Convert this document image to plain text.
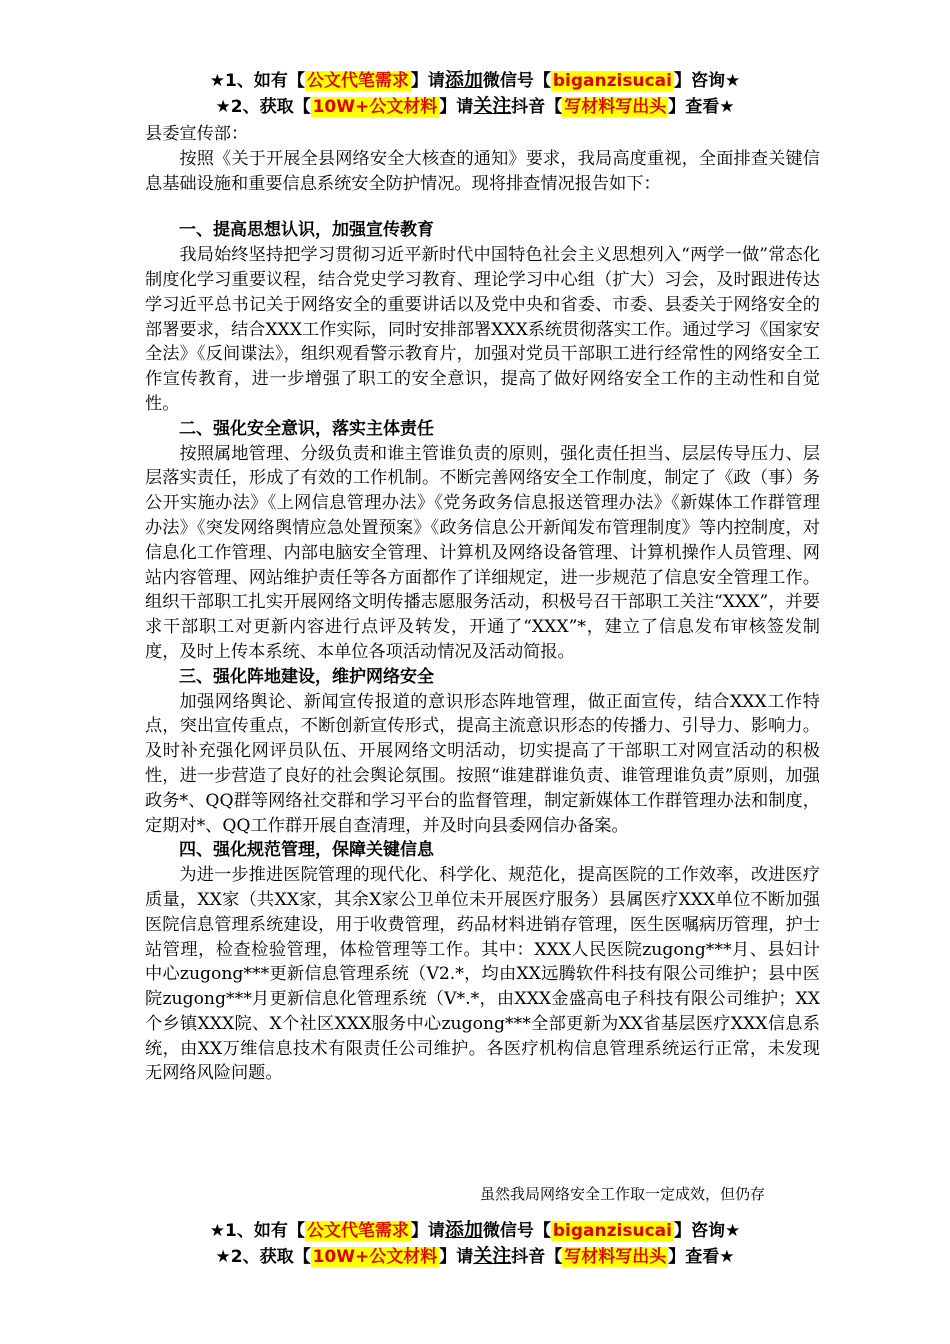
★1、如有【 公文代笔需求 】请添加微信号【 biganzisucai 】咨询★
★2、获取【 10W+公文材料 】请关注抖音【 写材料写出头 】查看★

县委宣传部：

按照《关于开展全县网络安全大核查的通知》要求，我局高度重视，全面排查关键信息基础设施和重要信息系统安全防护情况。现将排查情况报告如下：

一、提高思想认识，加强宣传教育

我局始终坚持把学习贯彻习近平新时代中国特色社会主义思想列入“两学一做”常态化制度化学习重要议程，结合党史学习教育、理论学习中心组（扩大）习会，及时跟进传达学习近平总书记关于网络安全的重要讲话以及党中央和省委、市委、县委关于网络安全的部署要求，结合XXX工作实际，同时安排部署XXX系统贯彻落实工作。通过学习《国家安全法》《反间谍法》，组织观看警示教育片，加强对党员干部职工进行经常性的网络安全工作宣传教育，进一步增强了职工的安全意识，提高了做好网络安全工作的主动性和自觉性。

二、强化安全意识，落实主体责任

按照属地管理、分级负责和谁主管谁负责的原则，强化责任担当、层层传导压力、层层落实责任，形成了有效的工作机制。不断完善网络安全工作制度，制定了《政（事）务公开实施办法》《上网信息管理办法》《党务政务信息报送管理办法》《新媒体工作群管理办法》《突发网络舆情应急处置预案》《政务信息公开新闻发布管理制度》等内控制度，对信息化工作管理、内部电脑安全管理、计算机及网络设备管理、计算机操作人员管理、网站内容管理、网站维护责任等各方面都作了详细规定，进一步规范了信息安全管理工作。组织干部职工扎实开展网络文明传播志愿服务活动，积极号召干部职工关注“XXX”，并要求干部职工对更新内容进行点评及转发，开通了“XXX”*，建立了信息发布审核签发制度，及时上传本系统、本单位各项活动情况及活动简报。

三、强化阵地建设，维护网络安全

加强网络舆论、新闻宣传报道的意识形态阵地管理，做正面宣传，结合XXX工作特点，突出宣传重点，不断创新宣传形式，提高主流意识形态的传播力、引导力、影响力。及时补充强化网评员队伍、开展网络文明活动，切实提高了干部职工对网宣活动的积极性，进一步营造了良好的社会舆论氛围。按照“谁建群谁负责、谁管理谁负责”原则，加强政务*、QQ群等网络社交群和学习平台的监督管理，制定新媒体工作群管理办法和制度，定期对*、QQ工作群开展自查清理，并及时向县委网信办备案。

四、强化规范管理，保障关键信息

为进一步推进医院管理的现代化、科学化、规范化，提高医院的工作效率，改进医疗质量，XX家（共XX家，其余X家公卫单位未开展医疗服务）县属医疗XXX单位不断加强医院信息管理系统建设，用于收费管理，药品材料进销存管理，医生医嘱病历管理，护士站管理，检查检验管理，体检管理等工作。其中：XXX人民医院zugong***月、县妇计中心zugong***更新信息管理系统（V2.*，均由XX远腾软件科技有限公司维护；县中医院zugong***月更新信息化管理系统（V*.*，由XXX金盛高电子科技有限公司维护；XX个乡镇XXX院、X个社区XXX服务中心zugong***全部更新为XX省基层医疗XXX信息系统，由XX万维信息技术有限责任公司维护。各医疗机构信息管理系统运行正常，未发现无网络风险问题。

虽然我局网络安全工作取一定成效，但仍存
★1、如有【 公文代笔需求 】请添加微信号【 biganzisucai 】咨询★
★2、获取【 10W+公文材料 】请关注抖音【 写材料写出头 】查看★
